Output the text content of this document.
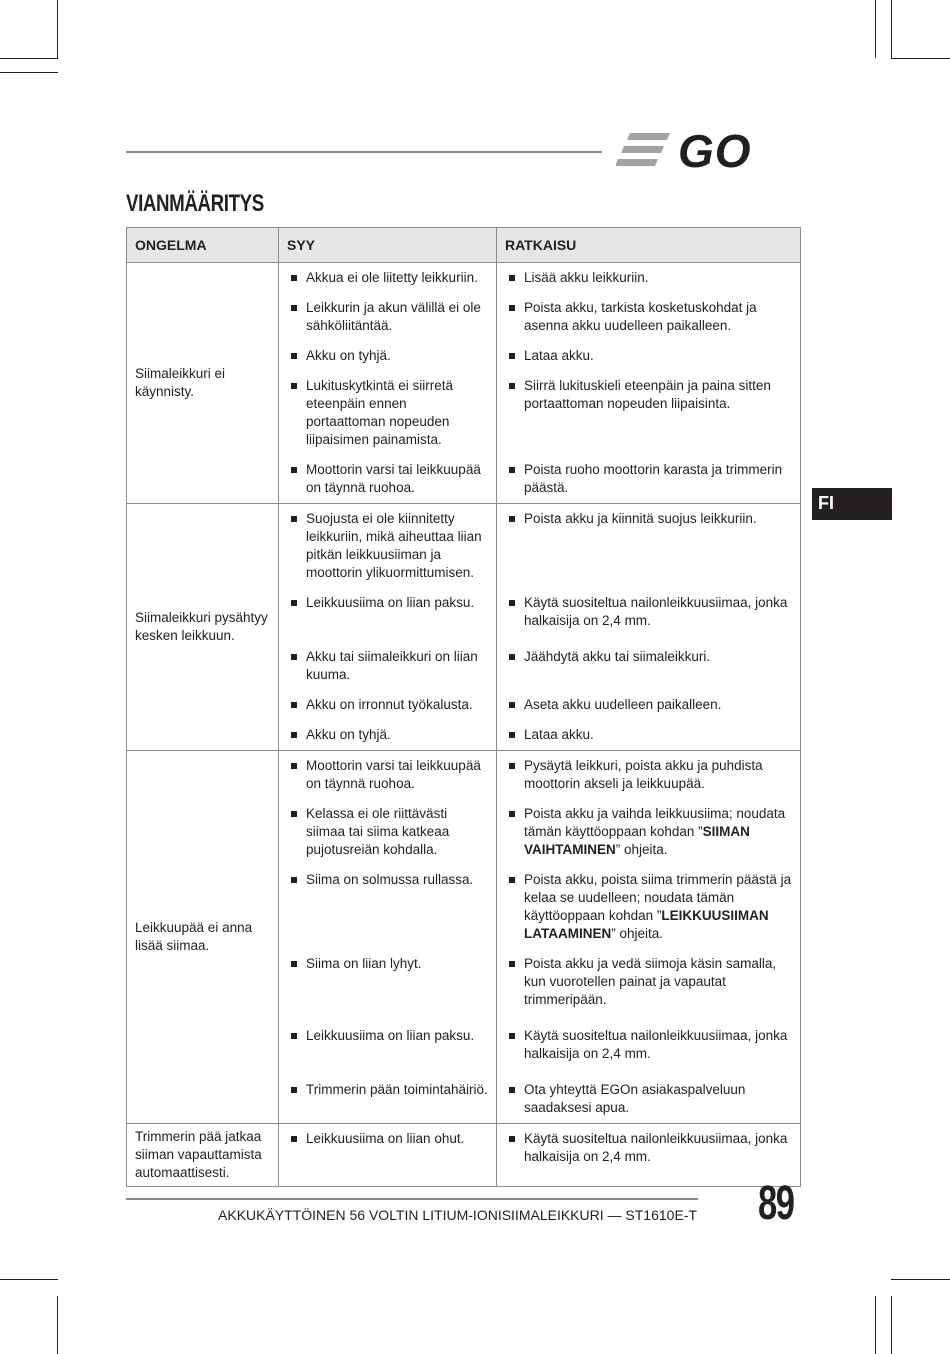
GO
VIANMÄÄRITYS
FI
ONGELMA	SYY	RATKAISU
Siimaleikkuri ei käynnisty.	Akkua ei ole liitetty leikkuriin.	Lisää akku leikkuriin.

	Leikkurin ja akun välillä ei ole sähköliitäntää.	Poista akku, tarkista kosketuskohdat ja asenna akku uudelleen paikalleen.

	Akku on tyhjä.	Lataa akku.

	Lukituskytkintä ei siirretä eteenpäin ennen portaattoman nopeuden liipaisimen painamista.	Siirrä lukituskieli eteenpäin ja paina sitten portaattoman nopeuden liipaisinta.

	Moottorin varsi tai leikkuupää on täynnä ruohoa.	Poista ruoho moottorin karasta ja trimmerin päästä.

Siimaleikkuri pysähtyy kesken leikkuun.	Suojusta ei ole kiinnitetty leikkuriin, mikä aiheuttaa liian pitkän leikkuusiiman ja moottorin ylikuormittumisen.	Poista akku ja kiinnitä suojus leikkuriin.

	Leikkuusiima on liian paksu.	Käytä suositeltua nailonleikkuusiimaa, jonka halkaisija on 2,4 mm.

	Akku tai siimaleikkuri on liian kuuma.	Jäähdytä akku tai siimaleikkuri.

	Akku on irronnut työkalusta.	Aseta akku uudelleen paikalleen.

	Akku on tyhjä.	Lataa akku.

Leikkuupää ei anna lisää siimaa.	Moottorin varsi tai leikkuupää on täynnä ruohoa.	Pysäytä leikkuri, poista akku ja puhdista moottorin akseli ja leikkuupää.

	Kelassa ei ole riittävästi siimaa tai siima katkeaa pujotusreiän kohdalla.	Poista akku ja vaihda leikkuusiima; noudata tämän käyttöoppaan kohdan ”SIIMAN VAIHTAMINEN” ohjeita.

	Siima on solmussa rullassa.	Poista akku, poista siima trimmerin päästä ja kelaa se uudelleen; noudata tämän käyttöoppaan kohdan ”LEIKKUUSIIMAN LATAAMINEN” ohjeita.

	Siima on liian lyhyt.	Poista akku ja vedä siimoja käsin samalla, kun vuorotellen painat ja vapautat trimmeripään.

	Leikkuusiima on liian paksu.	Käytä suositeltua nailonleikkuusiimaa, jonka halkaisija on 2,4 mm.

	Trimmerin pään toimintahäiriö.	Ota yhteyttä EGOn asiakaspalveluun saadaksesi apua.

Trimmerin pää jatkaa siiman vapauttamista automaattisesti.	Leikkuusiima on liian ohut.	Käytä suositeltua nailonleikkuusiimaa, jonka halkaisija on 2,4 mm.
AKKUKÄYTTÖINEN 56 VOLTIN LITIUM-IONISIIMALEIKKURI — ST1610E-T 89
